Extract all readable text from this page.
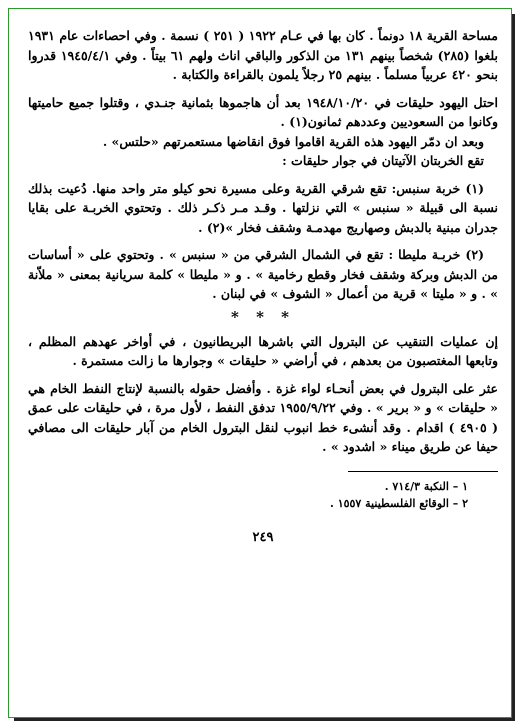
مساحة القرية ١٨ دونماً . كان بها في عـام ١٩٢٢ ( ٢٥١ ) نسمة . وفي احصاءات عام ١٩٣١ بلغوا (٢٨٥) شخصاً بينهم ١٣١ من الذكور والباقي اناث ولهم ٦١ بيتاً . وفي ١٩٤٥/٤/١ قدروا بنحو ٤٢٠ عربياً مسلماً . بينهم ٢٥ رجلاً يلمون بالقراءة والكتابة .

احتل اليهود حليقات في ١٩٤٨/١٠/٢٠ بعد أن هاجموها بثمانية جنـدي ، وقتلوا جميع حاميتها وكانوا من السعوديين وعددهم ثمانون(١) .

وبعد ان دمّر اليهود هذه القرية اقاموا فوق انقاضها مستعمرتهم «حلتس» .

تقع الخربتان الآتيتان في جوار حليقات :

(١) خربة سنبس: تقع شرقي القرية وعلى مسيرة نحو كيلو متر واحد منها. دُعيت بذلك نسبة الى قبيلة « سنبس » التي نزلتها . وقـد مـر ذكـر ذلك . وتحتوي الخربـة على بقايا جدران مبنية بالدبش وصهاريج مهدمـة وشقف فخار »(٢) .

(٢) خربـة مليطا : تقع في الشمال الشرقي من « سنبس » . وتحتوي على « أساسات من الدبش وبركة وشقف فخار وقطع رخامية » . و « مليطا » كلمة سريانية بمعنى « ملاّنة » . و « مليتا » قرية من أعمال « الشوف » في لبنان .

* * *

إن عمليات التنقيب عن البترول التي باشرها البريطانيون ، في أواخر عهدهم المظلم ، وتابعها المغتصبون من بعدهم ، في أراضي « حليقات » وجوارها ما زالت مستمرة .

عثر على البترول في بعض أنحـاء لواء غزة . وأفضل حقوله بالنسبة لإنتاج النفط الخام هي « حليقات » و « برير » . وفي ١٩٥٥/٩/٢٢ تدفق النفط ، لأول مرة ، في حليقات على عمق ( ٤٩٠٥ ) اقدام . وقد أنشىء خط انبوب لنقل البترول الخام من آبار حليقات الى مصافي حيفا عن طريق ميناء « اشدود » .

١ – النكبة ٧١٤/٣ .

٢ – الوقائع الفلسطينية ١٥٥٧ .

٢٤٩
